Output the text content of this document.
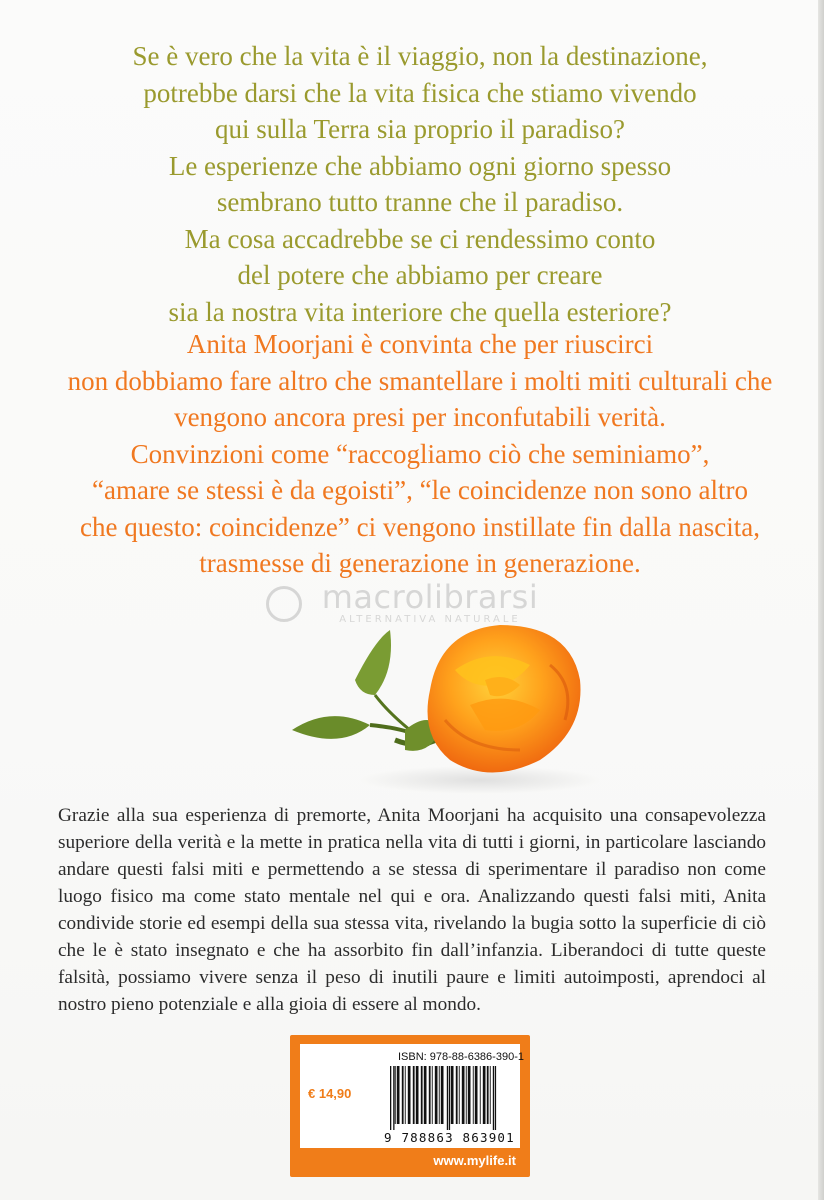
Se è vero che la vita è il viaggio, non la destinazione,

potrebbe darsi che la vita fisica che stiamo vivendo

qui sulla Terra sia proprio il paradiso?

Le esperienze che abbiamo ogni giorno spesso

sembrano tutto tranne che il paradiso.

Ma cosa accadrebbe se ci rendessimo conto

del potere che abbiamo per creare

sia la nostra vita interiore che quella esteriore?

Anita Moorjani è convinta che per riuscirci

non dobbiamo fare altro che smantellare i molti miti culturali che

vengono ancora presi per inconfutabili verità.

Convinzioni come “raccogliamo ciò che seminiamo”,

“amare se stessi è da egoisti”, “le coincidenze non sono altro

che questo: coincidenze” ci vengono instillate fin dalla nascita,

trasmesse di generazione in generazione.

macrolibrarsi
ALTERNATIVA NATURALE
Grazie alla sua esperienza di premorte, Anita Moorjani ha acquisito una consapevolezza superiore della verità e la mette in pratica nella vita di tutti i giorni, in particolare lasciando andare questi falsi miti e permettendo a se stessa di sperimentare il paradiso non come luogo fisico ma come stato mentale nel qui e ora. Analizzando questi falsi miti, Anita condivide storie ed esempi della sua stessa vita, rivelando la bugia sotto la superficie di ciò che le è stato insegnato e che ha assorbito fin dall’infanzia. Liberandoci di tutte queste falsità, possiamo vivere senza il peso di inutili paure e limiti autoimposti, aprendoci al nostro pieno potenziale e alla gioia di essere al mondo.
ISBN: 978-88-6386-390-1
€ 14,90
9 788863 863901
www.mylife.it
